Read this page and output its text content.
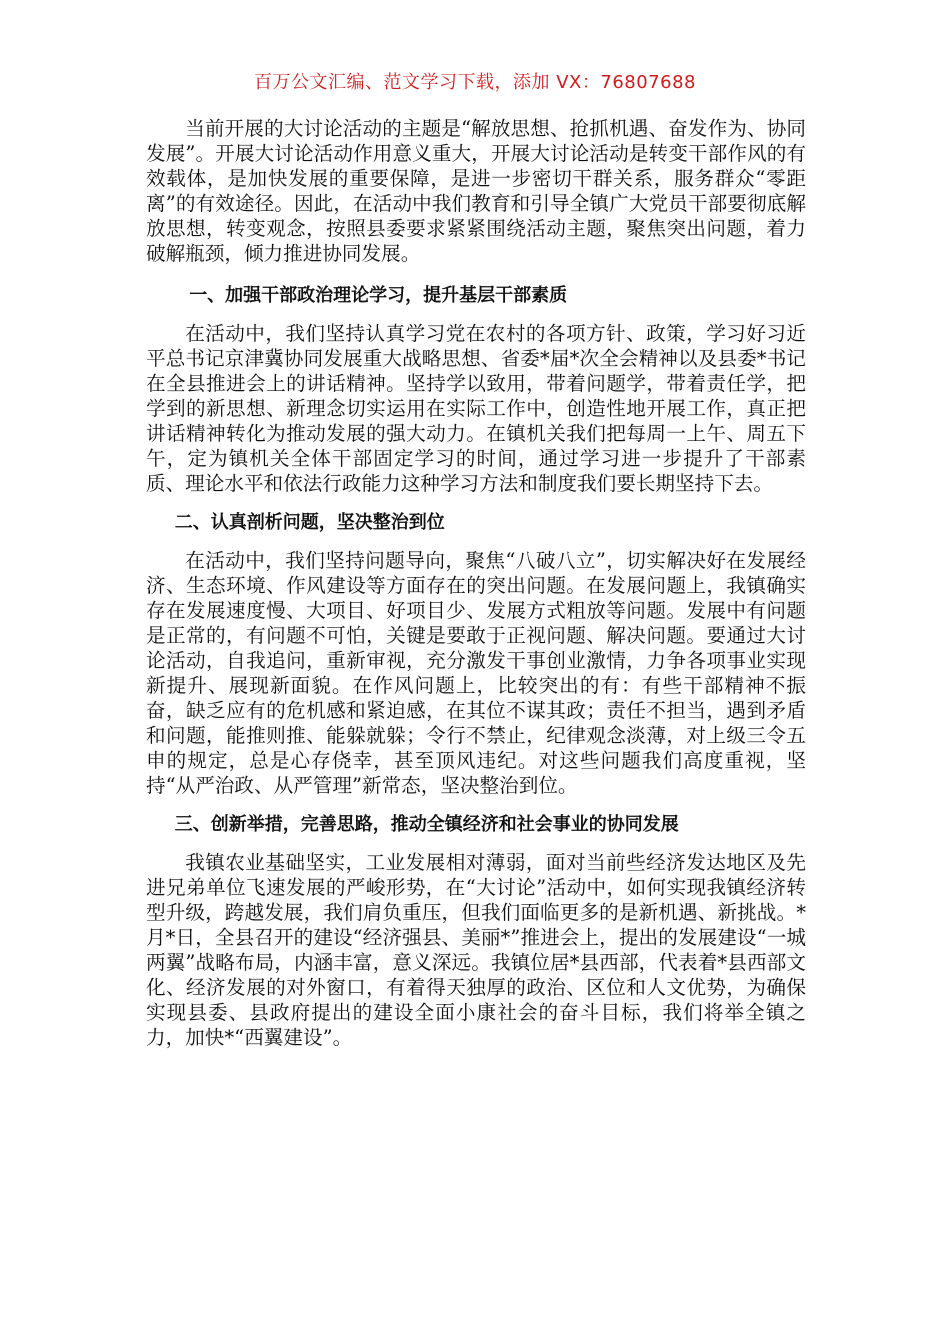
百万公文汇编、范文学习下载，添加 VX：76807688

当前开展的大讨论活动的主题是“解放思想、抢抓机遇、奋发作为、协同发展”。开展大讨论活动作用意义重大，开展大讨论活动是转变干部作风的有效载体，是加快发展的重要保障，是进一步密切干群关系，服务群众“零距离”的有效途径。因此，在活动中我们教育和引导全镇广大党员干部要彻底解放思想，转变观念，按照县委要求紧紧围绕活动主题，聚焦突出问题，着力破解瓶颈，倾力推进协同发展。

一、加强干部政治理论学习，提升基层干部素质

在活动中，我们坚持认真学习党在农村的各项方针、政策，学习好习近平总书记京津冀协同发展重大战略思想、省委*届*次全会精神以及县委*书记在全县推进会上的讲话精神。坚持学以致用，带着问题学，带着责任学，把学到的新思想、新理念切实运用在实际工作中，创造性地开展工作，真正把讲话精神转化为推动发展的强大动力。在镇机关我们把每周一上午、周五下午，定为镇机关全体干部固定学习的时间，通过学习进一步提升了干部素质、理论水平和依法行政能力这种学习方法和制度我们要长期坚持下去。

二、认真剖析问题，坚决整治到位

在活动中，我们坚持问题导向，聚焦“八破八立”，切实解决好在发展经济、生态环境、作风建设等方面存在的突出问题。在发展问题上，我镇确实存在发展速度慢、大项目、好项目少、发展方式粗放等问题。发展中有问题是正常的，有问题不可怕，关键是要敢于正视问题、解决问题。要通过大讨论活动，自我追问，重新审视，充分激发干事创业激情，力争各项事业实现新提升、展现新面貌。在作风问题上，比较突出的有：有些干部精神不振奋，缺乏应有的危机感和紧迫感，在其位不谋其政；责任不担当，遇到矛盾和问题，能推则推、能躲就躲；令行不禁止，纪律观念淡薄，对上级三令五申的规定，总是心存侥幸，甚至顶风违纪。对这些问题我们高度重视，坚持“从严治政、从严管理”新常态，坚决整治到位。

三、创新举措，完善思路，推动全镇经济和社会事业的协同发展

我镇农业基础坚实，工业发展相对薄弱，面对当前些经济发达地区及先进兄弟单位飞速发展的严峻形势，在“大讨论”活动中，如何实现我镇经济转型升级，跨越发展，我们肩负重压，但我们面临更多的是新机遇、新挑战。*月*日，全县召开的建设“经济强县、美丽*”推进会上，提出的发展建设“一城两翼”战略布局，内涵丰富，意义深远。我镇位居*县西部，代表着*县西部文化、经济发展的对外窗口，有着得天独厚的政治、区位和人文优势，为确保实现县委、县政府提出的建设全面小康社会的奋斗目标，我们将举全镇之力，加快*“西翼建设”。
